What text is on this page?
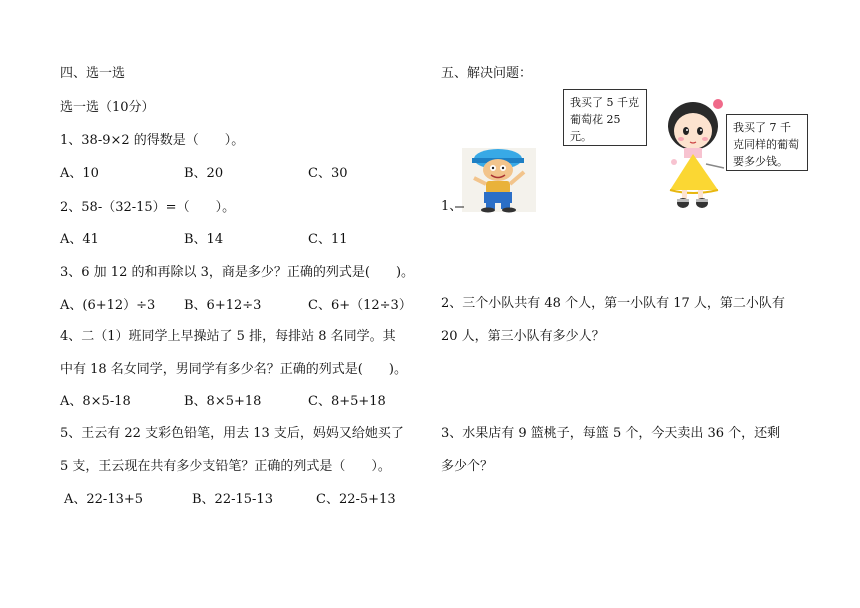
四、选一选
选一选（10分）
1、38-9×2 的得数是（　　）。
A、10	B、20	C、30
2、58-（32-15）=（　　）。
A、41	B、14	C、11
3、6 加 12 的和再除以 3，商是多少？正确的列式是(　　)。
A、(6+12）÷3 B、6+12÷3	C、6+（12÷3）
4、二（1）班同学上早操站了 5 排，每排站 8 名同学。其
中有 18 名女同学，男同学有多少名？正确的列式是(　　)。
A、8×5-18	B、8×5+18	C、8+5+18
5、王云有 22 支彩色铅笔，用去 13 支后，妈妈又给她买了
5 支，王云现在共有多少支铅笔？正确的列式是（　　）。
A、22-13+5	B、22-15-13	C、22-5+13
五、解决问题：
我买了 5 千克葡萄花 25 元。
我买了 7 千克同样的葡萄要多少钱。
1、
2、三个小队共有 48 个人，第一小队有 17 人，第二小队有
20 人，第三小队有多少人？
3、水果店有 9 篮桃子，每篮 5 个，今天卖出 36 个，还剩
多少个？
